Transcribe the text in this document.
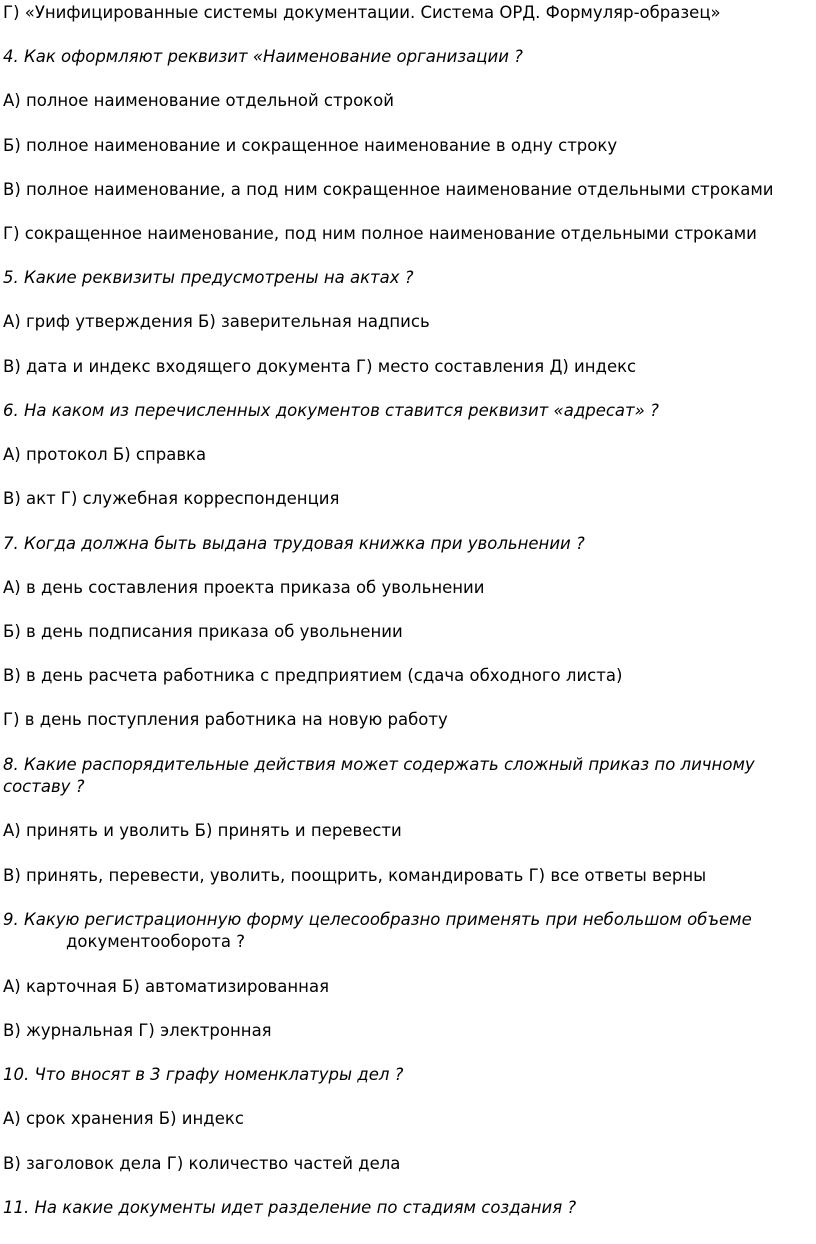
Г) «Унифицированные системы документации. Система ОРД. Формуляр-образец»
4. Как оформляют реквизит «Наименование организации ?
А) полное наименование отдельной строкой
Б) полное наименование и сокращенное наименование в одну строку
В) полное наименование, а под ним сокращенное наименование отдельными строками
Г) сокращенное наименование, под ним полное наименование отдельными строками
5. Какие реквизиты предусмотрены на актах ?
А) гриф утверждения Б) заверительная надпись
В) дата и индекс входящего документа Г) место составления Д) индекс
6. На каком из перечисленных документов ставится реквизит «адресат» ?
А) протокол Б) справка
В) акт Г) служебная корреспонденция
7. Когда должна быть выдана трудовая книжка при увольнении ?
А) в день составления проекта приказа об увольнении
Б) в день подписания приказа об увольнении
В) в день расчета работника с предприятием (сдача обходного листа)
Г) в день поступления работника на новую работу
8. Какие распорядительные действия может содержать сложный приказ по личному составу ?
А) принять и уволить Б) принять и перевести
В) принять, перевести, уволить, поощрить, командировать Г) все ответы верны
9. Какую регистрационную форму целесообразно применять при небольшом объеме
документооборота ?
А) карточная Б) автоматизированная
В) журнальная Г) электронная
10. Что вносят в 3 графу номенклатуры дел ?
А) срок хранения Б) индекс
В) заголовок дела Г) количество частей дела
11. На какие документы идет разделение по стадиям создания ?
